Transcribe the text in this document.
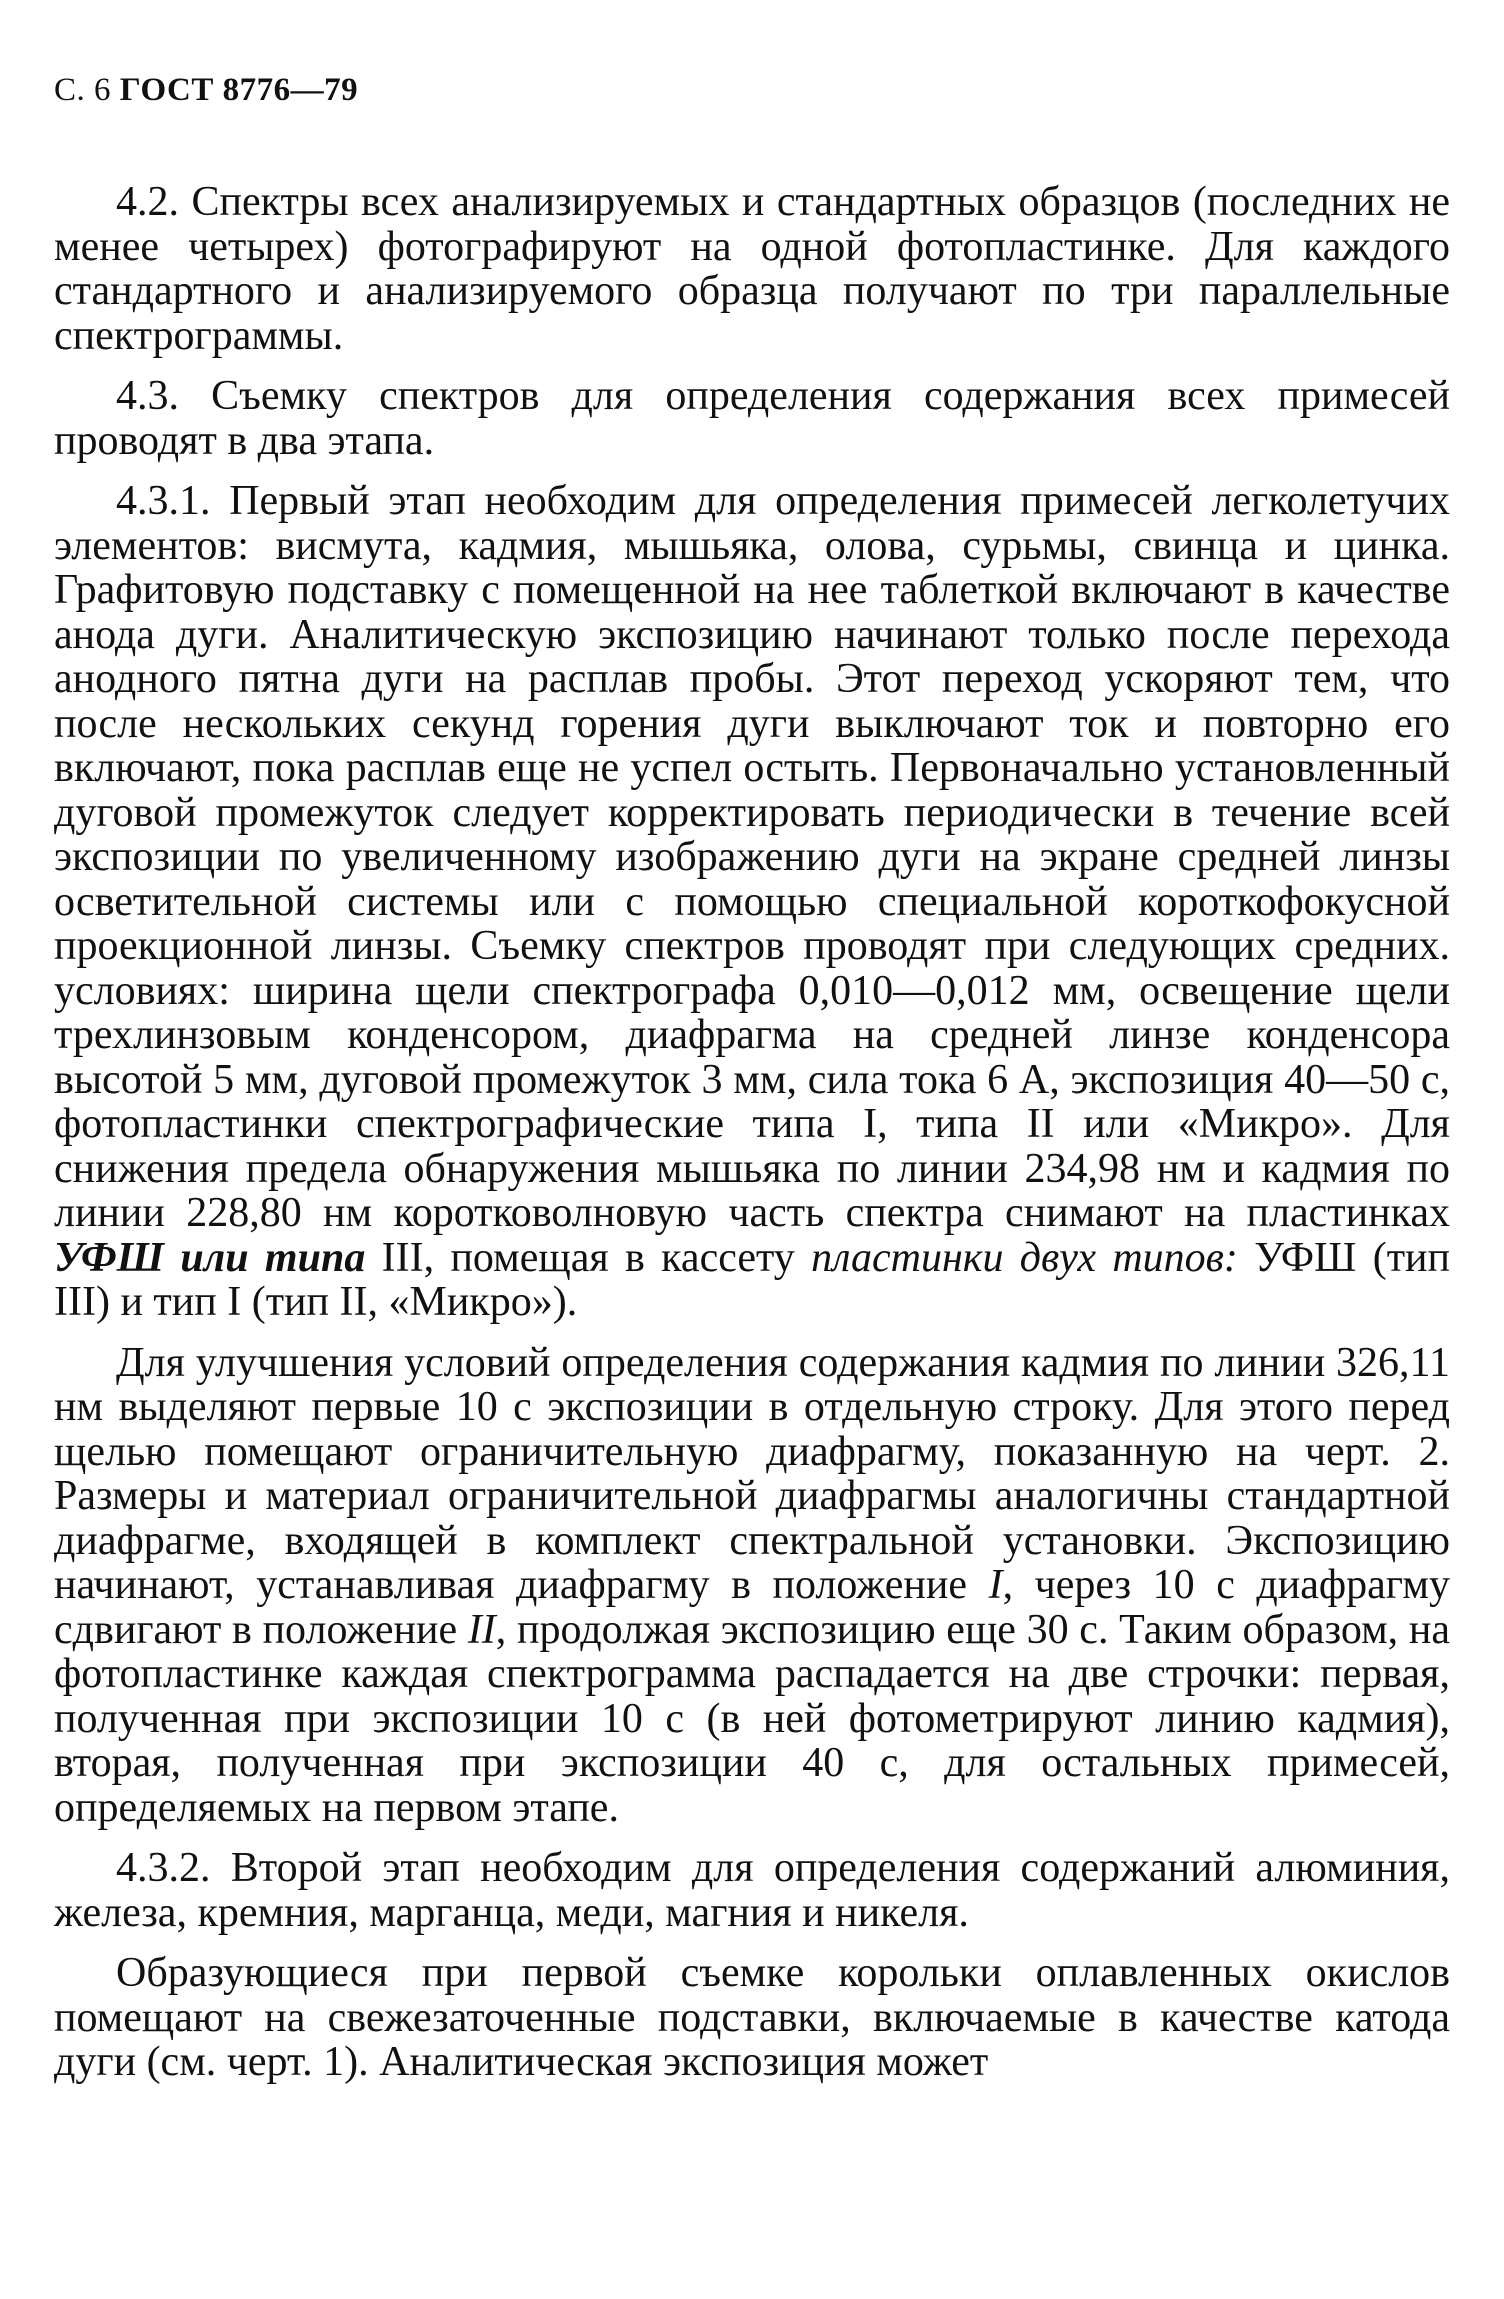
С. 6 ГОСТ 8776—79

4.2. Спектры всех анализируемых и стандартных образцов (последних не менее четырех) фотографируют на одной фотопластинке. Для каждого стандартного и анализируемого образца получают по три параллельные спектрограммы.

4.3. Съемку спектров для определения содержания всех примесей проводят в два этапа.

4.3.1. Первый этап необходим для определения примесей легколетучих элементов: висмута, кадмия, мышьяка, олова, сурьмы, свинца и цинка. Графитовую подставку с помещенной на нее таблеткой включают в качестве анода дуги. Аналитическую экспозицию начинают только после перехода анодного пятна дуги на расплав пробы. Этот переход ускоряют тем, что после нескольких секунд горения дуги выключают ток и повторно его включают, пока расплав еще не успел остыть. Первоначально установленный дуговой промежуток следует корректировать периодически в течение всей экспозиции по увеличенному изображению дуги на экране средней линзы осветительной системы или с помощью специальной короткофокусной проекционной линзы. Съемку спектров проводят при следующих средних. условиях: ширина щели спектрографа 0,010—0,012 мм, освещение щели трехлинзовым конденсором, диафрагма на средней линзе конденсора высотой 5 мм, дуговой промежуток 3 мм, сила тока 6 А, экспозиция 40—50 с, фотопластинки спектрографические типа I, типа II или «Микро». Для снижения предела обнаружения мышьяка по линии 234,98 нм и кадмия по линии 228,80 нм коротковолновую часть спектра снимают на пластинках УФШ или типа III, помещая в кассету пластинки двух типов: УФШ (тип III) и тип I (тип II, «Микро»).

Для улучшения условий определения содержания кадмия по линии 326,11 нм выделяют первые 10 с экспозиции в отдельную строку. Для этого перед щелью помещают ограничительную диафрагму, показанную на черт. 2. Размеры и материал ограничительной диафрагмы аналогичны стандартной диафрагме, входящей в комплект спектральной установки. Экспозицию начинают, устанавливая диафрагму в положение I, через 10 с диафрагму сдвигают в положение II, продолжая экспозицию еще 30 с. Таким образом, на фотопластинке каждая спектрограмма распадается на две строчки: первая, полученная при экспозиции 10 с (в ней фотометрируют линию кадмия), вторая, полученная при экспозиции 40 с, для остальных примесей, определяемых на первом этапе.

4.3.2. Второй этап необходим для определения содержаний алюминия, железа, кремния, марганца, меди, магния и никеля.

Образующиеся при первой съемке корольки оплавленных окислов помещают на свежезаточенные подставки, включаемые в качестве катода дуги (см. черт. 1). Аналитическая экспозиция может
